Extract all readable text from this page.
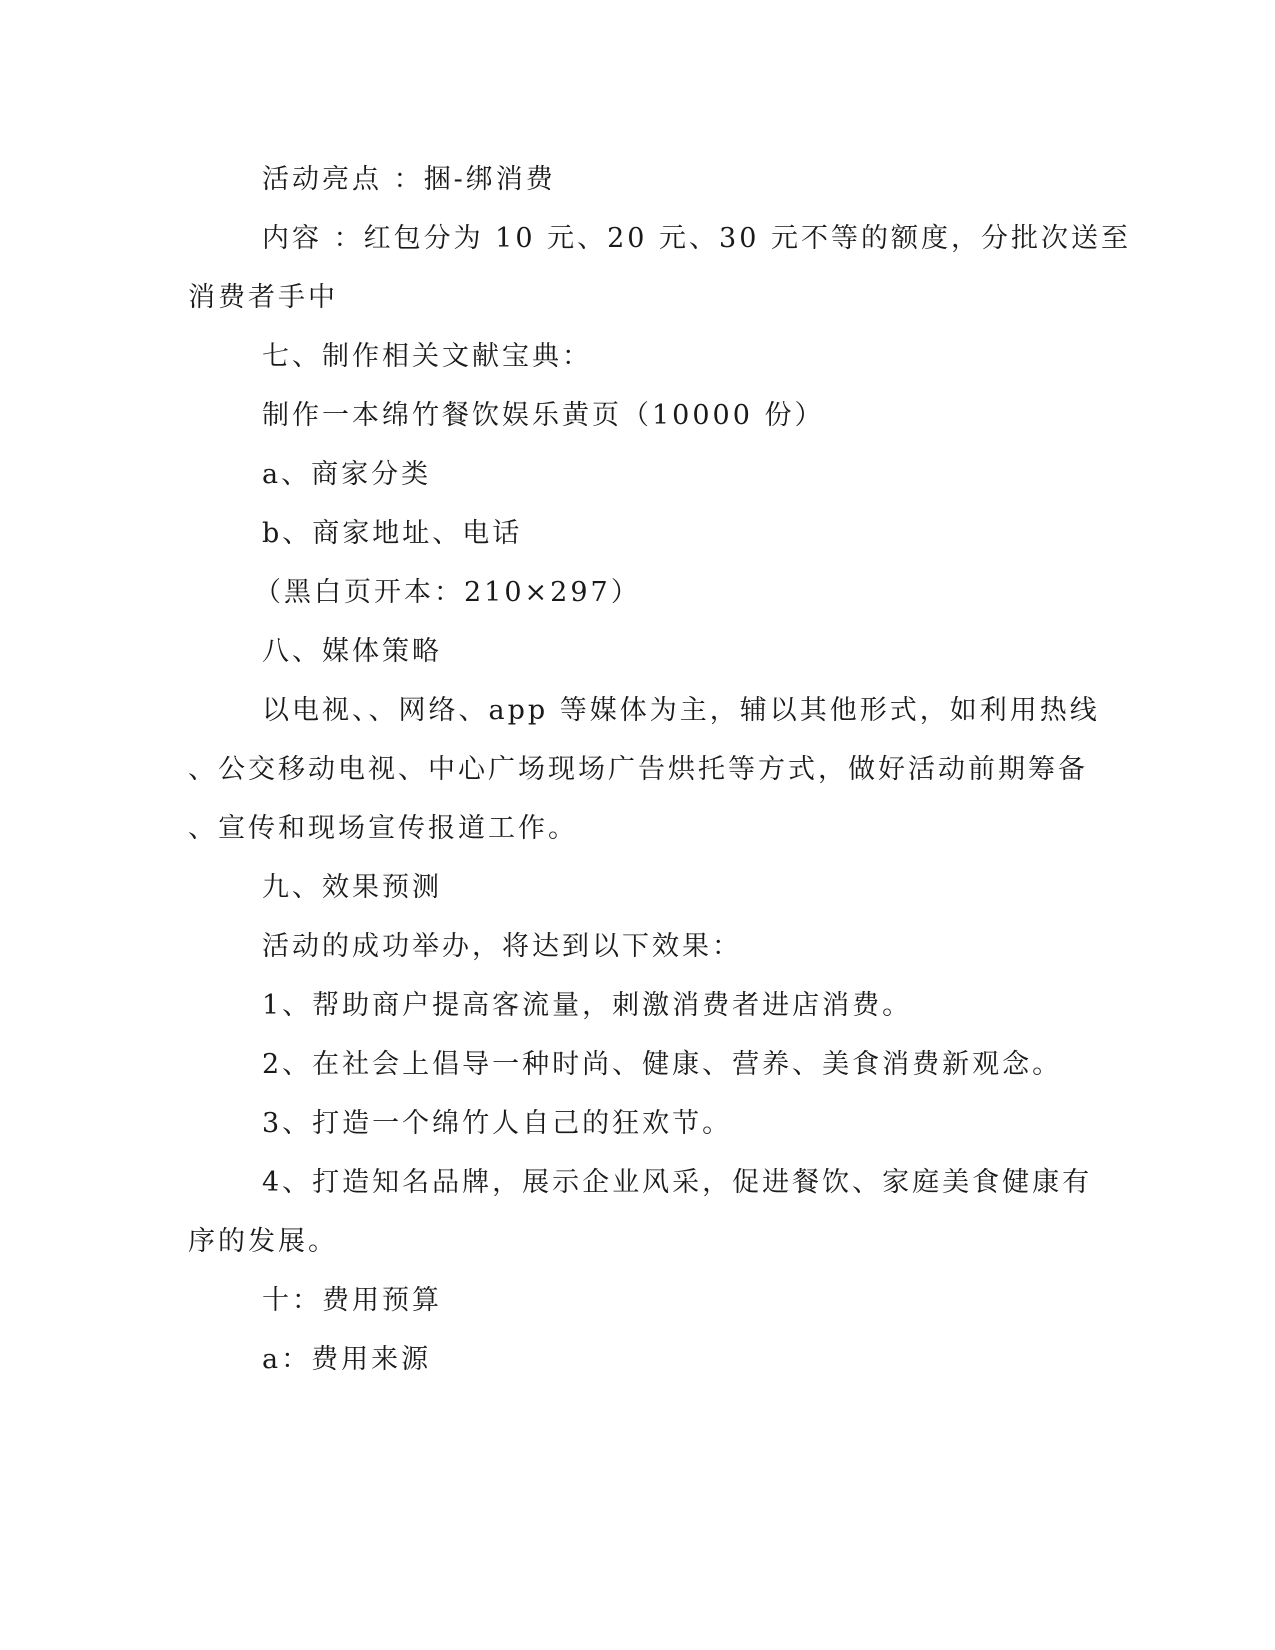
活动亮点 ：捆-绑消费
内容 ：红包分为 10 元、20 元、30 元不等的额度，分批次送至
消费者手中
七、制作相关文献宝典：
制作一本绵竹餐饮娱乐黄页（10000 份）
a、商家分类
b、商家地址、电话
（黑白页开本：210×297）
八、媒体策略
以电视、、网络、app 等媒体为主，辅以其他形式，如利用热线
、公交移动电视、中心广场现场广告烘托等方式，做好活动前期筹备
、宣传和现场宣传报道工作。
九、效果预测
活动的成功举办，将达到以下效果：
1、帮助商户提高客流量，刺激消费者进店消费。
2、在社会上倡导一种时尚、健康、营养、美食消费新观念。
3、打造一个绵竹人自己的狂欢节。
4、打造知名品牌，展示企业风采，促进餐饮、家庭美食健康有
序的发展。
十：费用预算
a：费用来源
